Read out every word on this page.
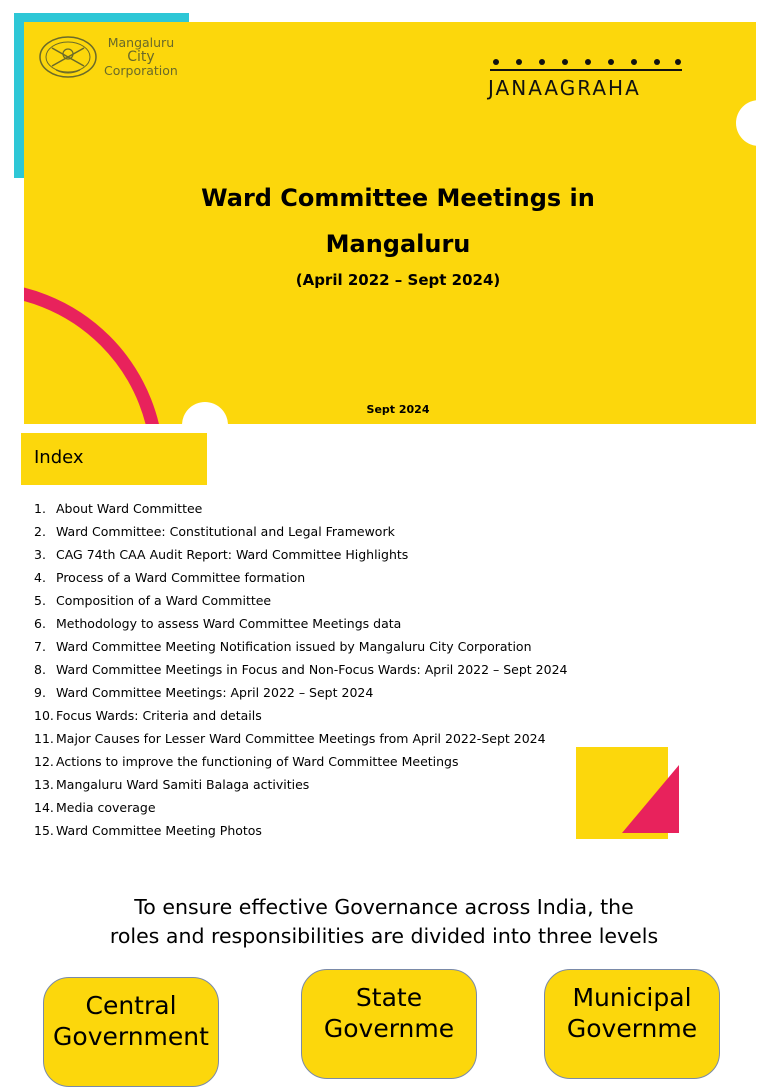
Mangaluru
City
Corporation
JANAAGRAHA
Ward Committee Meetings in
Mangaluru
(April 2022 – Sept 2024)
Sept 2024
Index
1. About Ward Committee
2. Ward Committee: Constitutional and Legal Framework
3. CAG 74th CAA Audit Report: Ward Committee Highlights
4. Process of a Ward Committee formation
5. Composition of a Ward Committee
6. Methodology to assess Ward Committee Meetings data
7. Ward Committee Meeting Notification issued by Mangaluru City Corporation
8. Ward Committee Meetings in Focus and Non-Focus Wards: April 2022 – Sept 2024
9. Ward Committee Meetings: April 2022 – Sept 2024
10. Focus Wards: Criteria and details
11. Major Causes for Lesser Ward Committee Meetings from April 2022-Sept 2024
12. Actions to improve the functioning of Ward Committee Meetings
13. Mangaluru Ward Samiti Balaga activities
14. Media coverage
15. Ward Committee Meeting Photos
To ensure effective Governance across India, the
roles and responsibilities are divided into three levels
Central
Government
State
Governme
Municipal
Governme
